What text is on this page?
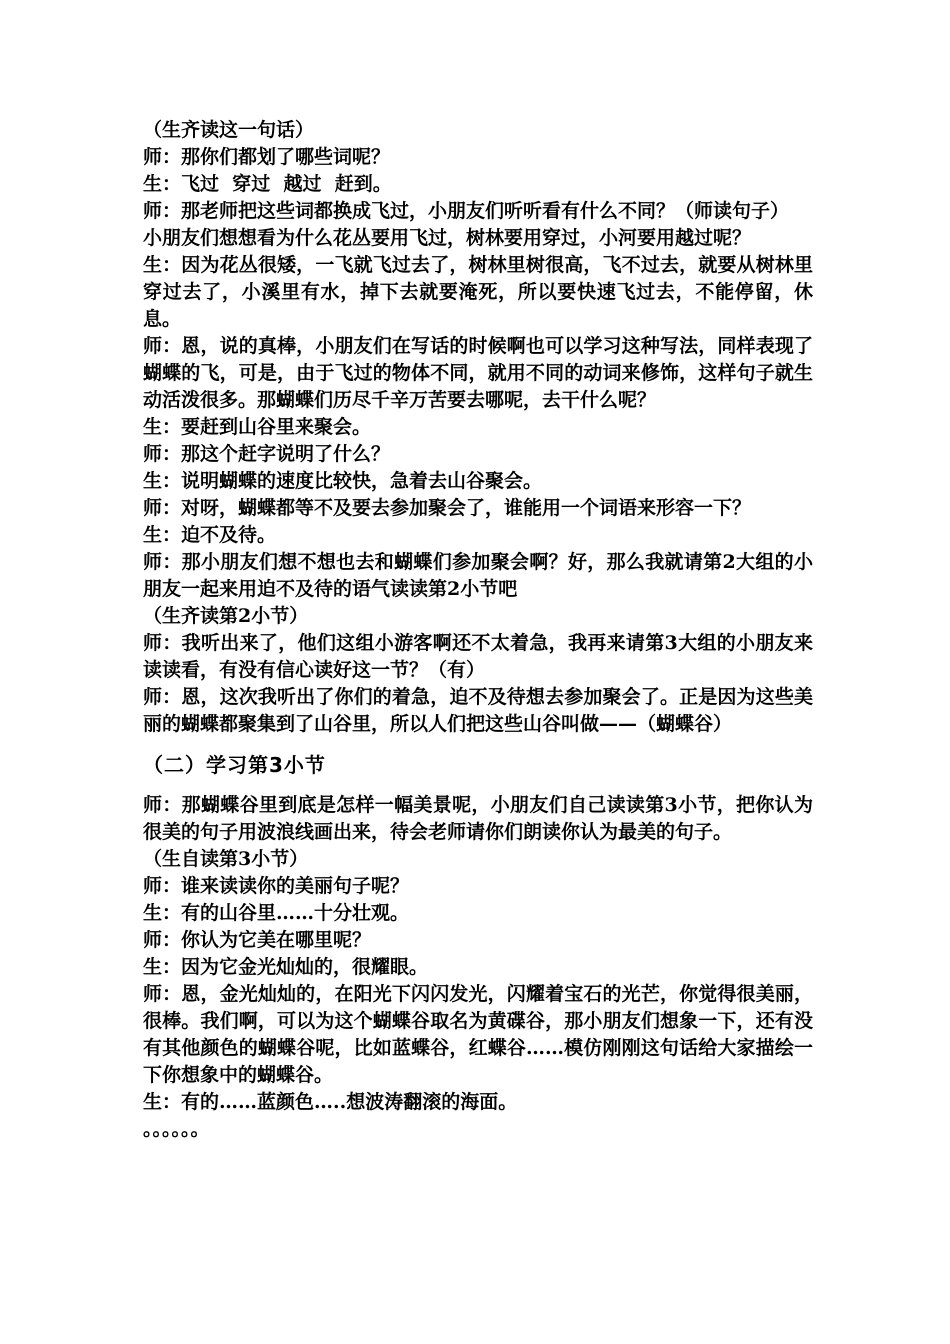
（生齐读这一句话）

师：那你们都划了哪些词呢？

生：飞过  穿过  越过  赶到。

师：那老师把这些词都换成飞过，小朋友们听听看有什么不同？（师读句子）

小朋友们想想看为什么花丛要用飞过，树林要用穿过，小河要用越过呢？

生：因为花丛很矮，一飞就飞过去了，树林里树很高，飞不过去，就要从树林里穿过去了，小溪里有水，掉下去就要淹死，所以要快速飞过去，不能停留，休息。

师：恩，说的真棒，小朋友们在写话的时候啊也可以学习这种写法，同样表现了蝴蝶的飞，可是，由于飞过的物体不同，就用不同的动词来修饰，这样句子就生动活泼很多。那蝴蝶们历尽千辛万苦要去哪呢，去干什么呢？

生：要赶到山谷里来聚会。

师：那这个赶字说明了什么？

生：说明蝴蝶的速度比较快，急着去山谷聚会。

师：对呀，蝴蝶都等不及要去参加聚会了，谁能用一个词语来形容一下？

生：迫不及待。

师：那小朋友们想不想也去和蝴蝶们参加聚会啊？好，那么我就请第2大组的小朋友一起来用迫不及待的语气读读第2小节吧

（生齐读第2小节）

师：我听出来了，他们这组小游客啊还不太着急，我再来请第3大组的小朋友来读读看，有没有信心读好这一节？（有）

师：恩，这次我听出了你们的着急，迫不及待想去参加聚会了。正是因为这些美丽的蝴蝶都聚集到了山谷里，所以人们把这些山谷叫做——（蝴蝶谷）

（二）学习第3小节

师：那蝴蝶谷里到底是怎样一幅美景呢，小朋友们自己读读第3小节，把你认为很美的句子用波浪线画出来，待会老师请你们朗读你认为最美的句子。

（生自读第3小节）

师：谁来读读你的美丽句子呢？

生：有的山谷里……十分壮观。

师：你认为它美在哪里呢？

生：因为它金光灿灿的，很耀眼。

师：恩，金光灿灿的，在阳光下闪闪发光，闪耀着宝石的光芒，你觉得很美丽，很棒。我们啊，可以为这个蝴蝶谷取名为黄碟谷，那小朋友们想象一下，还有没有其他颜色的蝴蝶谷呢，比如蓝蝶谷，红蝶谷……模仿刚刚这句话给大家描绘一下你想象中的蝴蝶谷。

生：有的……蓝颜色…..想波涛翻滚的海面。

。。。。。。
